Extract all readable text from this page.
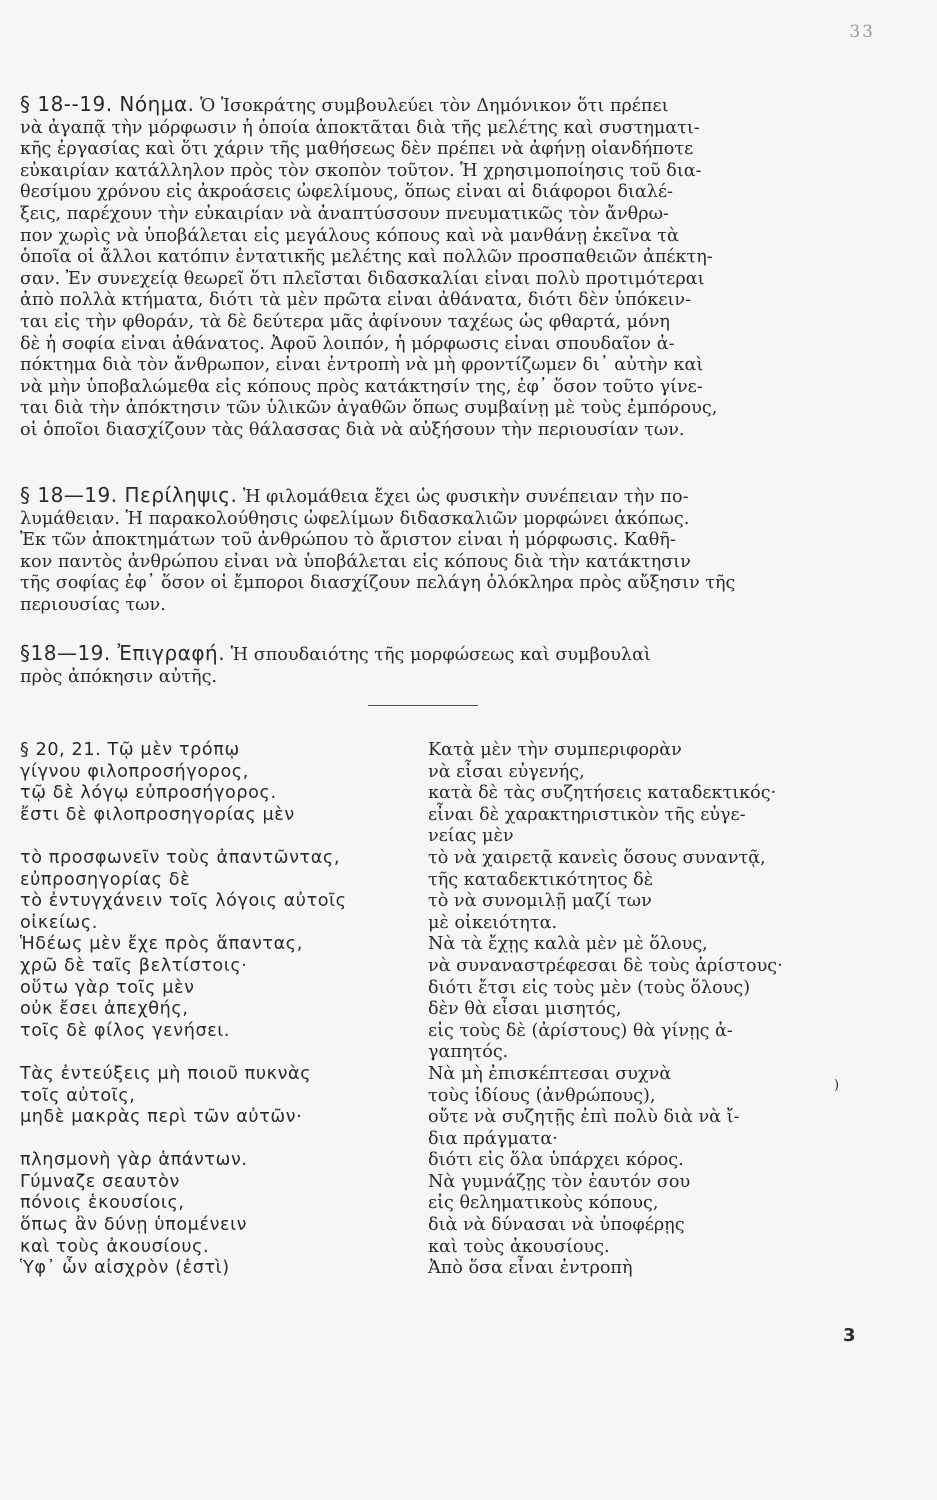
33
§ 18--19. Νόημα. Ὁ Ἰσοκράτης συμβουλεύει τὸν Δημόνικον ὅτι πρέπει
νὰ ἀγαπᾷ τὴν μόρφωσιν ἡ ὁποία ἀποκτᾶται διὰ τῆς μελέτης καὶ συστηματι-
κῆς ἐργασίας καὶ ὅτι χάριν τῆς μαθήσεως δὲν πρέπει νὰ ἀφήνῃ οἱανδήποτε
εὐκαιρίαν κατάλληλον πρὸς τὸν σκοπὸν τοῦτον. Ἡ χρησιμοποίησις τοῦ δια-
θεσίμου χρόνου εἰς ἀκροάσεις ὠφελίμους, ὅπως εἶναι αἱ διάφοροι διαλέ-
ξεις, παρέχουν τὴν εὐκαιρίαν νὰ ἀναπτύσσουν πνευματικῶς τὸν ἄνθρω-
πον χωρὶς νὰ ὑποβάλεται εἰς μεγάλους κόπους καὶ νὰ μανθάνῃ ἐκεῖνα τὰ
ὁποῖα οἱ ἄλλοι κατόπιν ἐντατικῆς μελέτης καὶ πολλῶν προσπαθειῶν ἀπέκτη-
σαν. Ἐν συνεχείᾳ θεωρεῖ ὅτι πλεῖσται διδασκαλίαι εἶναι πολὺ προτιμότεραι
ἀπὸ πολλὰ κτήματα, διότι τὰ μὲν πρῶτα εἶναι ἀθάνατα, διότι δὲν ὑπόκειν-
ται εἰς τὴν φθοράν, τὰ δὲ δεύτερα μᾶς ἀφίνουν ταχέως ὡς φθαρτά, μόνη
δὲ ἡ σοφία εἶναι ἀθάνατος. Ἀφοῦ λοιπόν, ἡ μόρφωσις εἶναι σπουδαῖον ἀ-
πόκτημα διὰ τὸν ἄνθρωπον, εἶναι ἐντροπὴ νὰ μὴ φροντίζωμεν δι᾽ αὐτὴν καὶ
νὰ μὴν ὑποβαλώμεθα εἰς κόπους πρὸς κατάκτησίν της, ἐφ᾽ ὅσον τοῦτο γίνε-
ται διὰ τὴν ἀπόκτησιν τῶν ὑλικῶν ἀγαθῶν ὅπως συμβαίνῃ μὲ τοὺς ἐμπόρους,
οἱ ὁποῖοι διασχίζουν τὰς θάλασσας διὰ νὰ αὐξήσουν τὴν περιουσίαν των.
§ 18—19. Περίληψις. Ἡ φιλομάθεια ἔχει ὡς φυσικὴν συνέπειαν τὴν πο-
λυμάθειαν. Ἡ παρακολούθησις ὠφελίμων διδασκαλιῶν μορφώνει ἀκόπως.
Ἐκ τῶν ἀποκτημάτων τοῦ ἀνθρώπου τὸ ἄριστον εἶναι ἡ μόρφωσις. Καθῆ-
κον παντὸς ἀνθρώπου εἶναι νὰ ὑποβάλεται εἰς κόπους διὰ τὴν κατάκτησιν
τῆς σοφίας ἐφ᾽ ὅσον οἱ ἔμποροι διασχίζουν πελάγη ὁλόκληρα πρὸς αὔξησιν τῆς
περιουσίας των.
§18—19. Ἐπιγραφή. Ἡ σπουδαιότης τῆς μορφώσεως καὶ συμβουλαὶ
πρὸς ἀπόκησιν αὐτῆς.
§ 20, 21. Τῷ μὲν τρόπῳ
γίγνου φιλοπροσήγορος,
τῷ δὲ λόγῳ εὐπροσήγορος.
ἔστι δὲ φιλοπροσηγορίας μὲν
τὸ προσφωνεῖν τοὺς ἀπαντῶντας,
εὐπροσηγορίας δὲ
τὸ ἐντυγχάνειν τοῖς λόγοις αὐτοῖς
οἰκείως.
Ἡδέως μὲν ἔχε πρὸς ἅπαντας,
χρῶ δὲ ταῖς βελτίστοις·
οὕτω γὰρ τοῖς μὲν
οὐκ ἔσει ἀπεχθής,
τοῖς δὲ φίλος γενήσει.
Τὰς ἐντεύξεις μὴ ποιοῦ πυκνὰς
τοῖς αὐτοῖς,
μηδὲ μακρὰς περὶ τῶν αὐτῶν·
πλησμονὴ γὰρ ἁπάντων.
Γύμναζε σεαυτὸν
πόνοις ἑκουσίοις,
ὅπως ἂν δύνῃ ὑπομένειν
καὶ τοὺς ἀκουσίους.
Ὑφ᾽ ὧν αἰσχρὸν (ἐστὶ)
Κατὰ μὲν τὴν συμπεριφορὰν
νὰ εἶσαι εὐγενής,
κατὰ δὲ τὰς συζητήσεις καταδεκτικός·
εἶναι δὲ χαρακτηριστικὸν τῆς εὐγε-
νείας μὲν
τὸ νὰ χαιρετᾷ κανεὶς ὅσους συναντᾷ,
τῆς καταδεκτικότητος δὲ
τὸ νὰ συνομιλῇ μαζί των
μὲ οἰκειότητα.
Νὰ τὰ ἔχῃς καλὰ μὲν μὲ ὅλους,
νὰ συναναστρέφεσαι δὲ τοὺς ἀρίστους·
διότι ἔτσι εἰς τοὺς μὲν (τοὺς ὅλους)
δὲν θὰ εἶσαι μισητός,
εἰς τοὺς δὲ (ἀρίστους) θὰ γίνῃς ἀ-
γαπητός.
Νὰ μὴ ἐπισκέπτεσαι συχνὰ
τοὺς ἰδίους (ἀνθρώπους),
οὔτε νὰ συζητῇς ἐπὶ πολὺ διὰ νὰ ἴ-
δια πράγματα·
διότι εἰς ὅλα ὑπάρχει κόρος.
Νὰ γυμνάζῃς τὸν ἑαυτόν σου
εἰς θεληματικοὺς κόπους,
διὰ νὰ δύνασαι νὰ ὑποφέρῃς
καὶ τοὺς ἀκουσίους.
Ἀπὸ ὅσα εἶναι ἐντροπὴ
)
3
